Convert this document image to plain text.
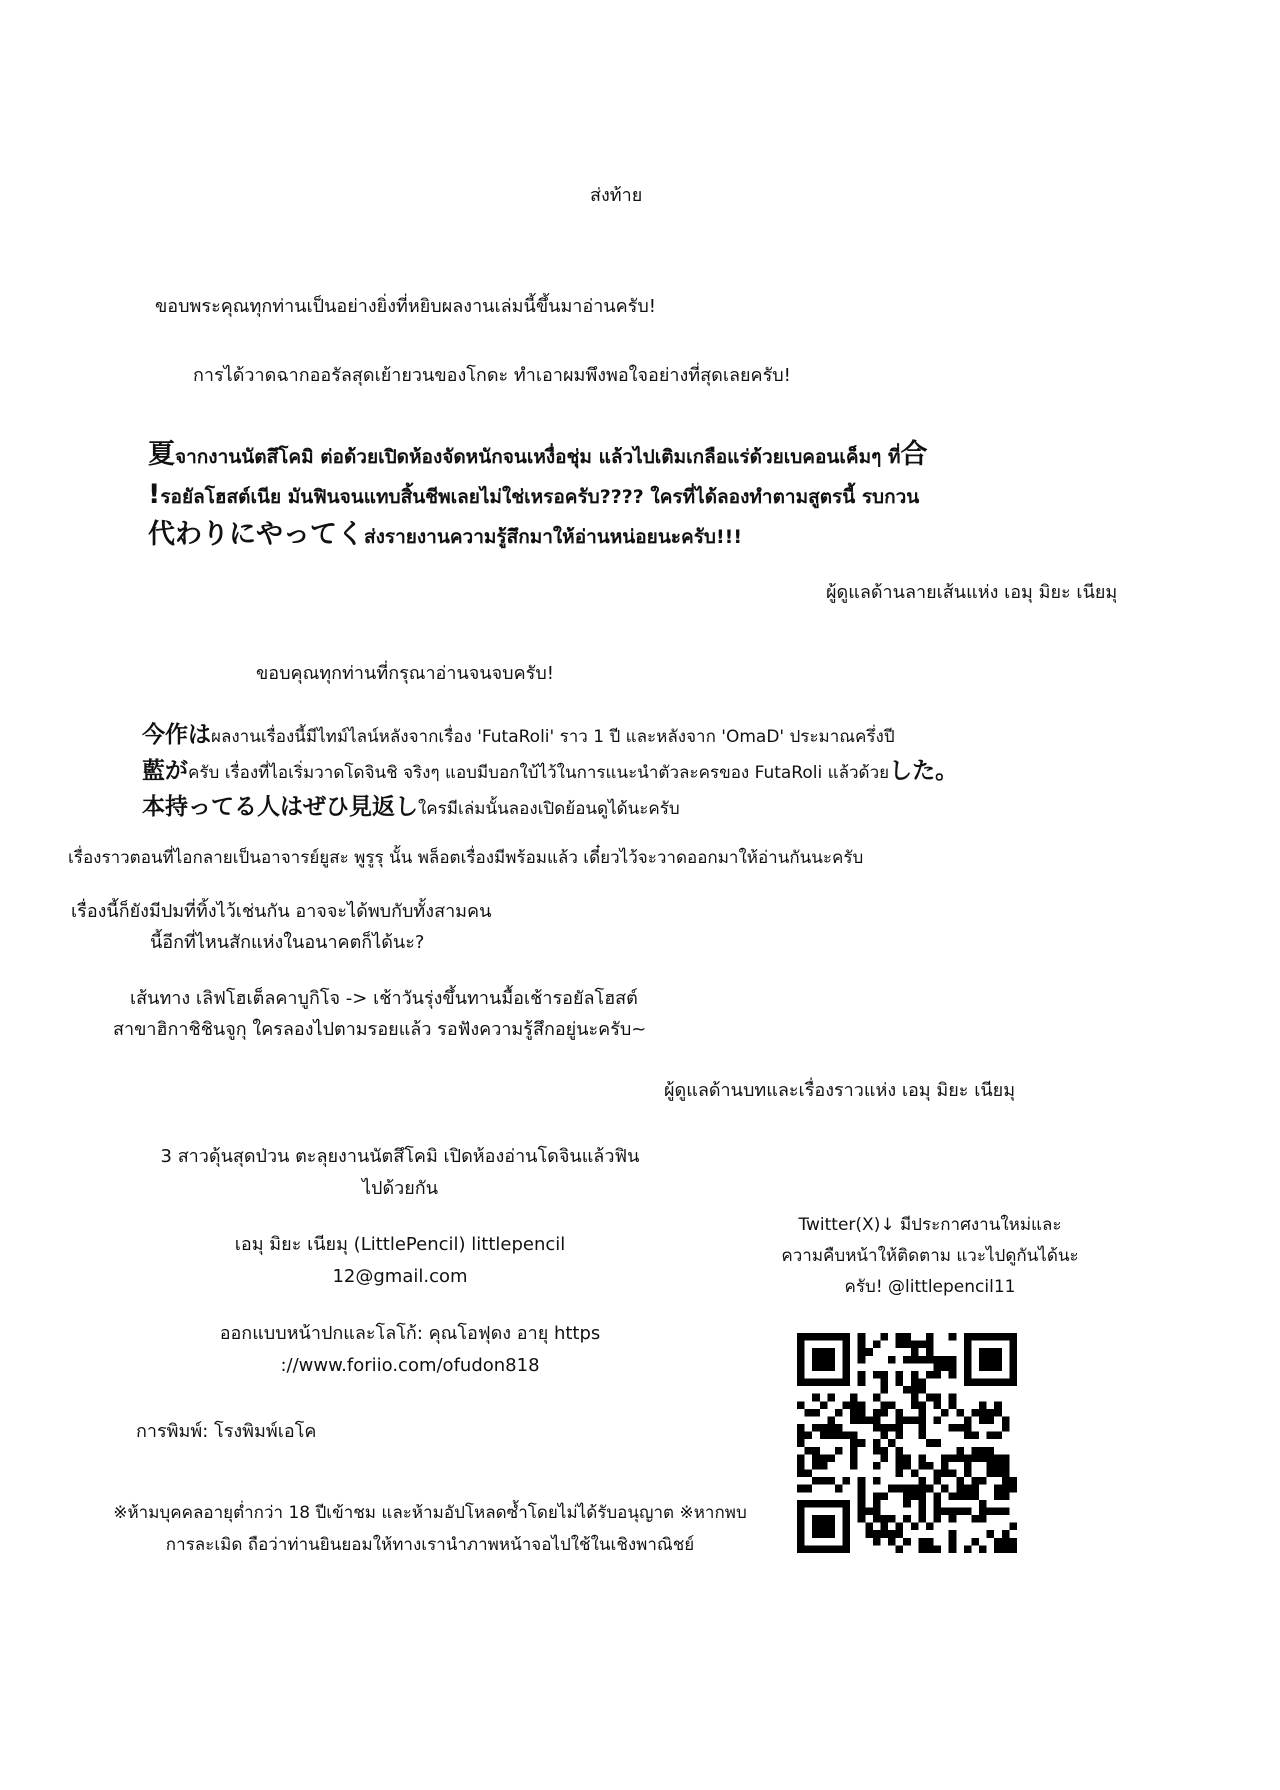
ส่งท้าย
ขอบพระคุณทุกท่านเป็นอย่างยิ่งที่หยิบผลงานเล่มนี้ขึ้นมาอ่านครับ!
การได้วาดฉากออรัลสุดเย้ายวนของโกดะ ทำเอาผมพึงพอใจอย่างที่สุดเลยครับ!
夏จากงานนัตสึโคมิ ต่อด้วยเปิดห้องจัดหนักจนเหงื่อชุ่ม แล้วไปเติมเกลือแร่ด้วยเบคอนเค็มๆ ที่合
!รอยัลโฮสต์เนีย มันฟินจนแทบสิ้นชีพเลยไม่ใช่เหรอครับ???? ใครที่ได้ลองทำตามสูตรนี้ รบกวน
代わりにやってくส่งรายงานความรู้สึกมาให้อ่านหน่อยนะครับ!!!
ผู้ดูแลด้านลายเส้นแห่ง เอมุ มิยะ เนียมุ
ขอบคุณทุกท่านที่กรุณาอ่านจนจบครับ!
今作はผลงานเรื่องนี้มีไทม์ไลน์หลังจากเรื่อง 'FutaRoli' ราว 1 ปี และหลังจาก 'OmaD' ประมาณครึ่งปี
藍がครับ เรื่องที่ไอเริ่มวาดโดจินชิ จริงๆ แอบมีบอกใบ้ไว้ในการแนะนำตัวละครของ FutaRoli แล้วด้วยした。
本持ってる人はぜひ見返しใครมีเล่มนั้นลองเปิดย้อนดูได้นะครับ
เรื่องราวตอนที่ไอกลายเป็นอาจารย์ยูสะ พูรูรุ นั้น พล็อตเรื่องมีพร้อมแล้ว เดี๋ยวไว้จะวาดออกมาให้อ่านกันนะครับ
เรื่องนี้ก็ยังมีปมที่ทิ้งไว้เช่นกัน อาจจะได้พบกับทั้งสามคน
นี้อีกที่ไหนสักแห่งในอนาคตก็ได้นะ?
เส้นทาง เลิฟโฮเต็ลคาบูกิโจ -> เช้าวันรุ่งขึ้นทานมื้อเช้ารอยัลโฮสต์
สาขาฮิกาชิชินจูกุ ใครลองไปตามรอยแล้ว รอฟังความรู้สึกอยู่นะครับ~
ผู้ดูแลด้านบทและเรื่องราวแห่ง เอมุ มิยะ เนียมุ
3 สาวดุ้นสุดป่วน ตะลุยงานนัตสึโคมิ เปิดห้องอ่านโดจินแล้วฟิน
ไปด้วยกัน
เอมุ มิยะ เนียมุ (LittlePencil) littlepencil
12@gmail.com
ออกแบบหน้าปกและโลโก้: คุณโอฟุดง อายุ https
://www.foriio.com/ofudon818
การพิมพ์: โรงพิมพ์เอโค
※ห้ามบุคคลอายุต่ำกว่า 18 ปีเข้าชม และห้ามอัปโหลดซ้ำโดยไม่ได้รับอนุญาต ※หากพบ
การละเมิด ถือว่าท่านยินยอมให้ทางเรานำภาพหน้าจอไปใช้ในเชิงพาณิชย์
Twitter(X)↓ มีประกาศงานใหม่และ
ความคืบหน้าให้ติดตาม แวะไปดูกันได้นะ
ครับ! @littlepencil11
